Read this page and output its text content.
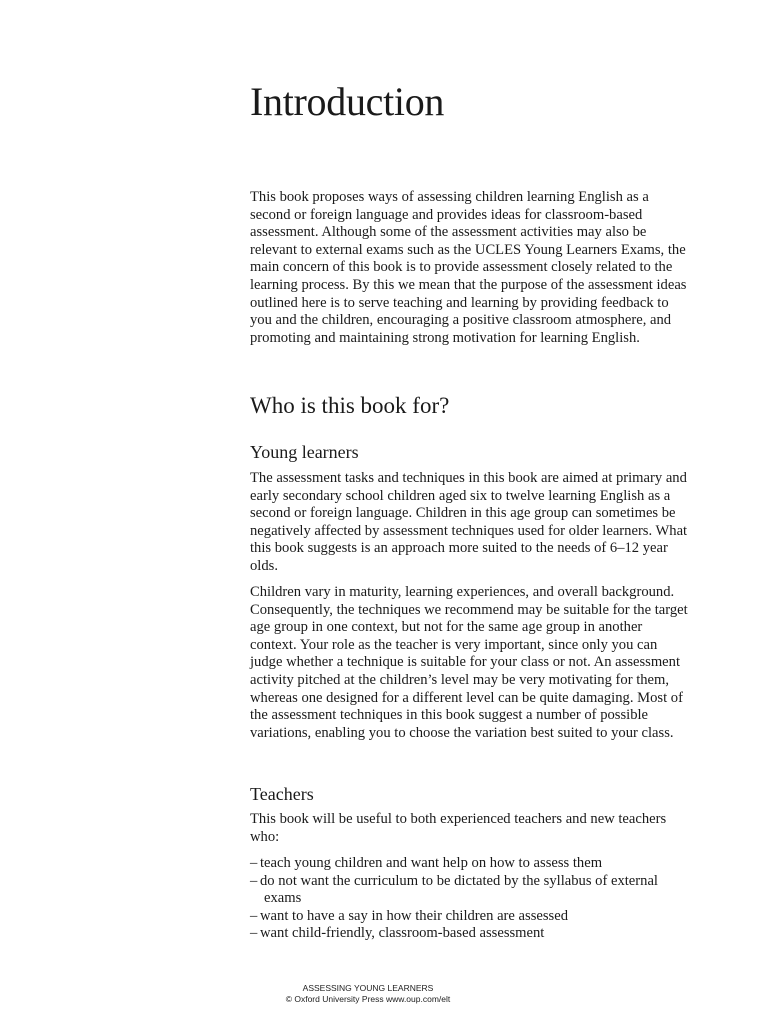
Introduction

This book proposes ways of assessing children learning English as a second or foreign language and provides ideas for classroom-based assessment. Although some of the assessment activities may also be relevant to external exams such as the UCLES Young Learners Exams, the main concern of this book is to provide assessment closely related to the learning process. By this we mean that the purpose of the assessment ideas outlined here is to serve teaching and learning by providing feedback to you and the children, encouraging a positive classroom atmosphere, and promoting and maintaining strong motivation for learning English.

Who is this book for?
Young learners

The assessment tasks and techniques in this book are aimed at primary and early secondary school children aged six to twelve learning English as a second or foreign language. Children in this age group can sometimes be negatively affected by assessment techniques used for older learners. What this book suggests is an approach more suited to the needs of 6–12 year olds.

Children vary in maturity, learning experiences, and overall background. Consequently, the techniques we recommend may be suitable for the target age group in one context, but not for the same age group in another context. Your role as the teacher is very important, since only you can judge whether a technique is suitable for your class or not. An assessment activity pitched at the children’s level may be very motivating for them, whereas one designed for a different level can be quite damaging. Most of the assessment techniques in this book suggest a number of possible variations, enabling you to choose the variation best suited to your class.

Teachers

This book will be useful to both experienced teachers and new teachers who:

– teach young children and want help on how to assess them
– do not want the curriculum to be dictated by the syllabus of external exams
– want to have a say in how their children are assessed
– want child-friendly, classroom-based assessment
ASSESSING YOUNG LEARNERS
© Oxford University Press www.oup.com/elt
